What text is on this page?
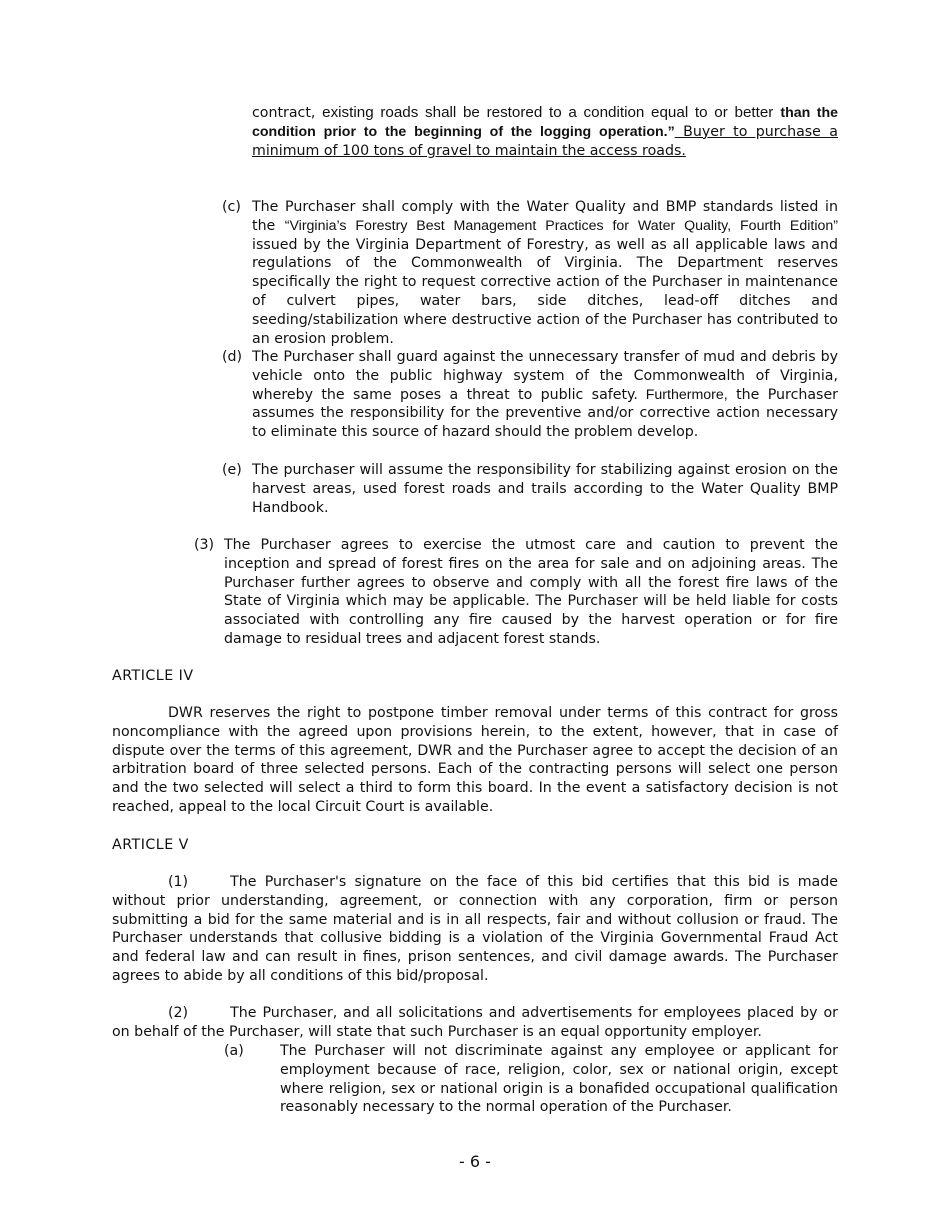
contract, existing roads shall be restored to a condition equal to or better than the condition prior to the beginning of the logging operation.” Buyer to purchase a minimum of 100 tons of gravel to maintain the access roads.
(c) The Purchaser shall comply with the Water Quality and BMP standards listed in the “Virginia’s Forestry Best Management Practices for Water Quality, Fourth Edition” issued by the Virginia Department of Forestry, as well as all applicable laws and regulations of the Commonwealth of Virginia. The Department reserves specifically the right to request corrective action of the Purchaser in maintenance of culvert pipes, water bars, side ditches, lead-off ditches and seeding/stabilization where destructive action of the Purchaser has contributed to an erosion problem.
(d) The Purchaser shall guard against the unnecessary transfer of mud and debris by vehicle onto the public highway system of the Commonwealth of Virginia, whereby the same poses a threat to public safety. Furthermore, the Purchaser assumes the responsibility for the preventive and/or corrective action necessary to eliminate this source of hazard should the problem develop.
(e) The purchaser will assume the responsibility for stabilizing against erosion on the harvest areas, used forest roads and trails according to the Water Quality BMP Handbook.
(3) The Purchaser agrees to exercise the utmost care and caution to prevent the inception and spread of forest fires on the area for sale and on adjoining areas. The Purchaser further agrees to observe and comply with all the forest fire laws of the State of Virginia which may be applicable. The Purchaser will be held liable for costs associated with controlling any fire caused by the harvest operation or for fire damage to residual trees and adjacent forest stands.
ARTICLE IV
DWR reserves the right to postpone timber removal under terms of this contract for gross noncompliance with the agreed upon provisions herein, to the extent, however, that in case of dispute over the terms of this agreement, DWR and the Purchaser agree to accept the decision of an arbitration board of three selected persons. Each of the contracting persons will select one person and the two selected will select a third to form this board. In the event a satisfactory decision is not reached, appeal to the local Circuit Court is available.
ARTICLE V
(1)	The Purchaser's signature on the face of this bid certifies that this bid is made without prior understanding, agreement, or connection with any corporation, firm or person submitting a bid for the same material and is in all respects, fair and without collusion or fraud. The Purchaser understands that collusive bidding is a violation of the Virginia Governmental Fraud Act and federal law and can result in fines, prison sentences, and civil damage awards. The Purchaser agrees to abide by all conditions of this bid/proposal.
(2)	The Purchaser, and all solicitations and advertisements for employees placed by or on behalf of the Purchaser, will state that such Purchaser is an equal opportunity employer.
(a)	The Purchaser will not discriminate against any employee or applicant for employment because of race, religion, color, sex or national origin, except where religion, sex or national origin is a bonafided occupational qualification reasonably necessary to the normal operation of the Purchaser.
- 6 -
